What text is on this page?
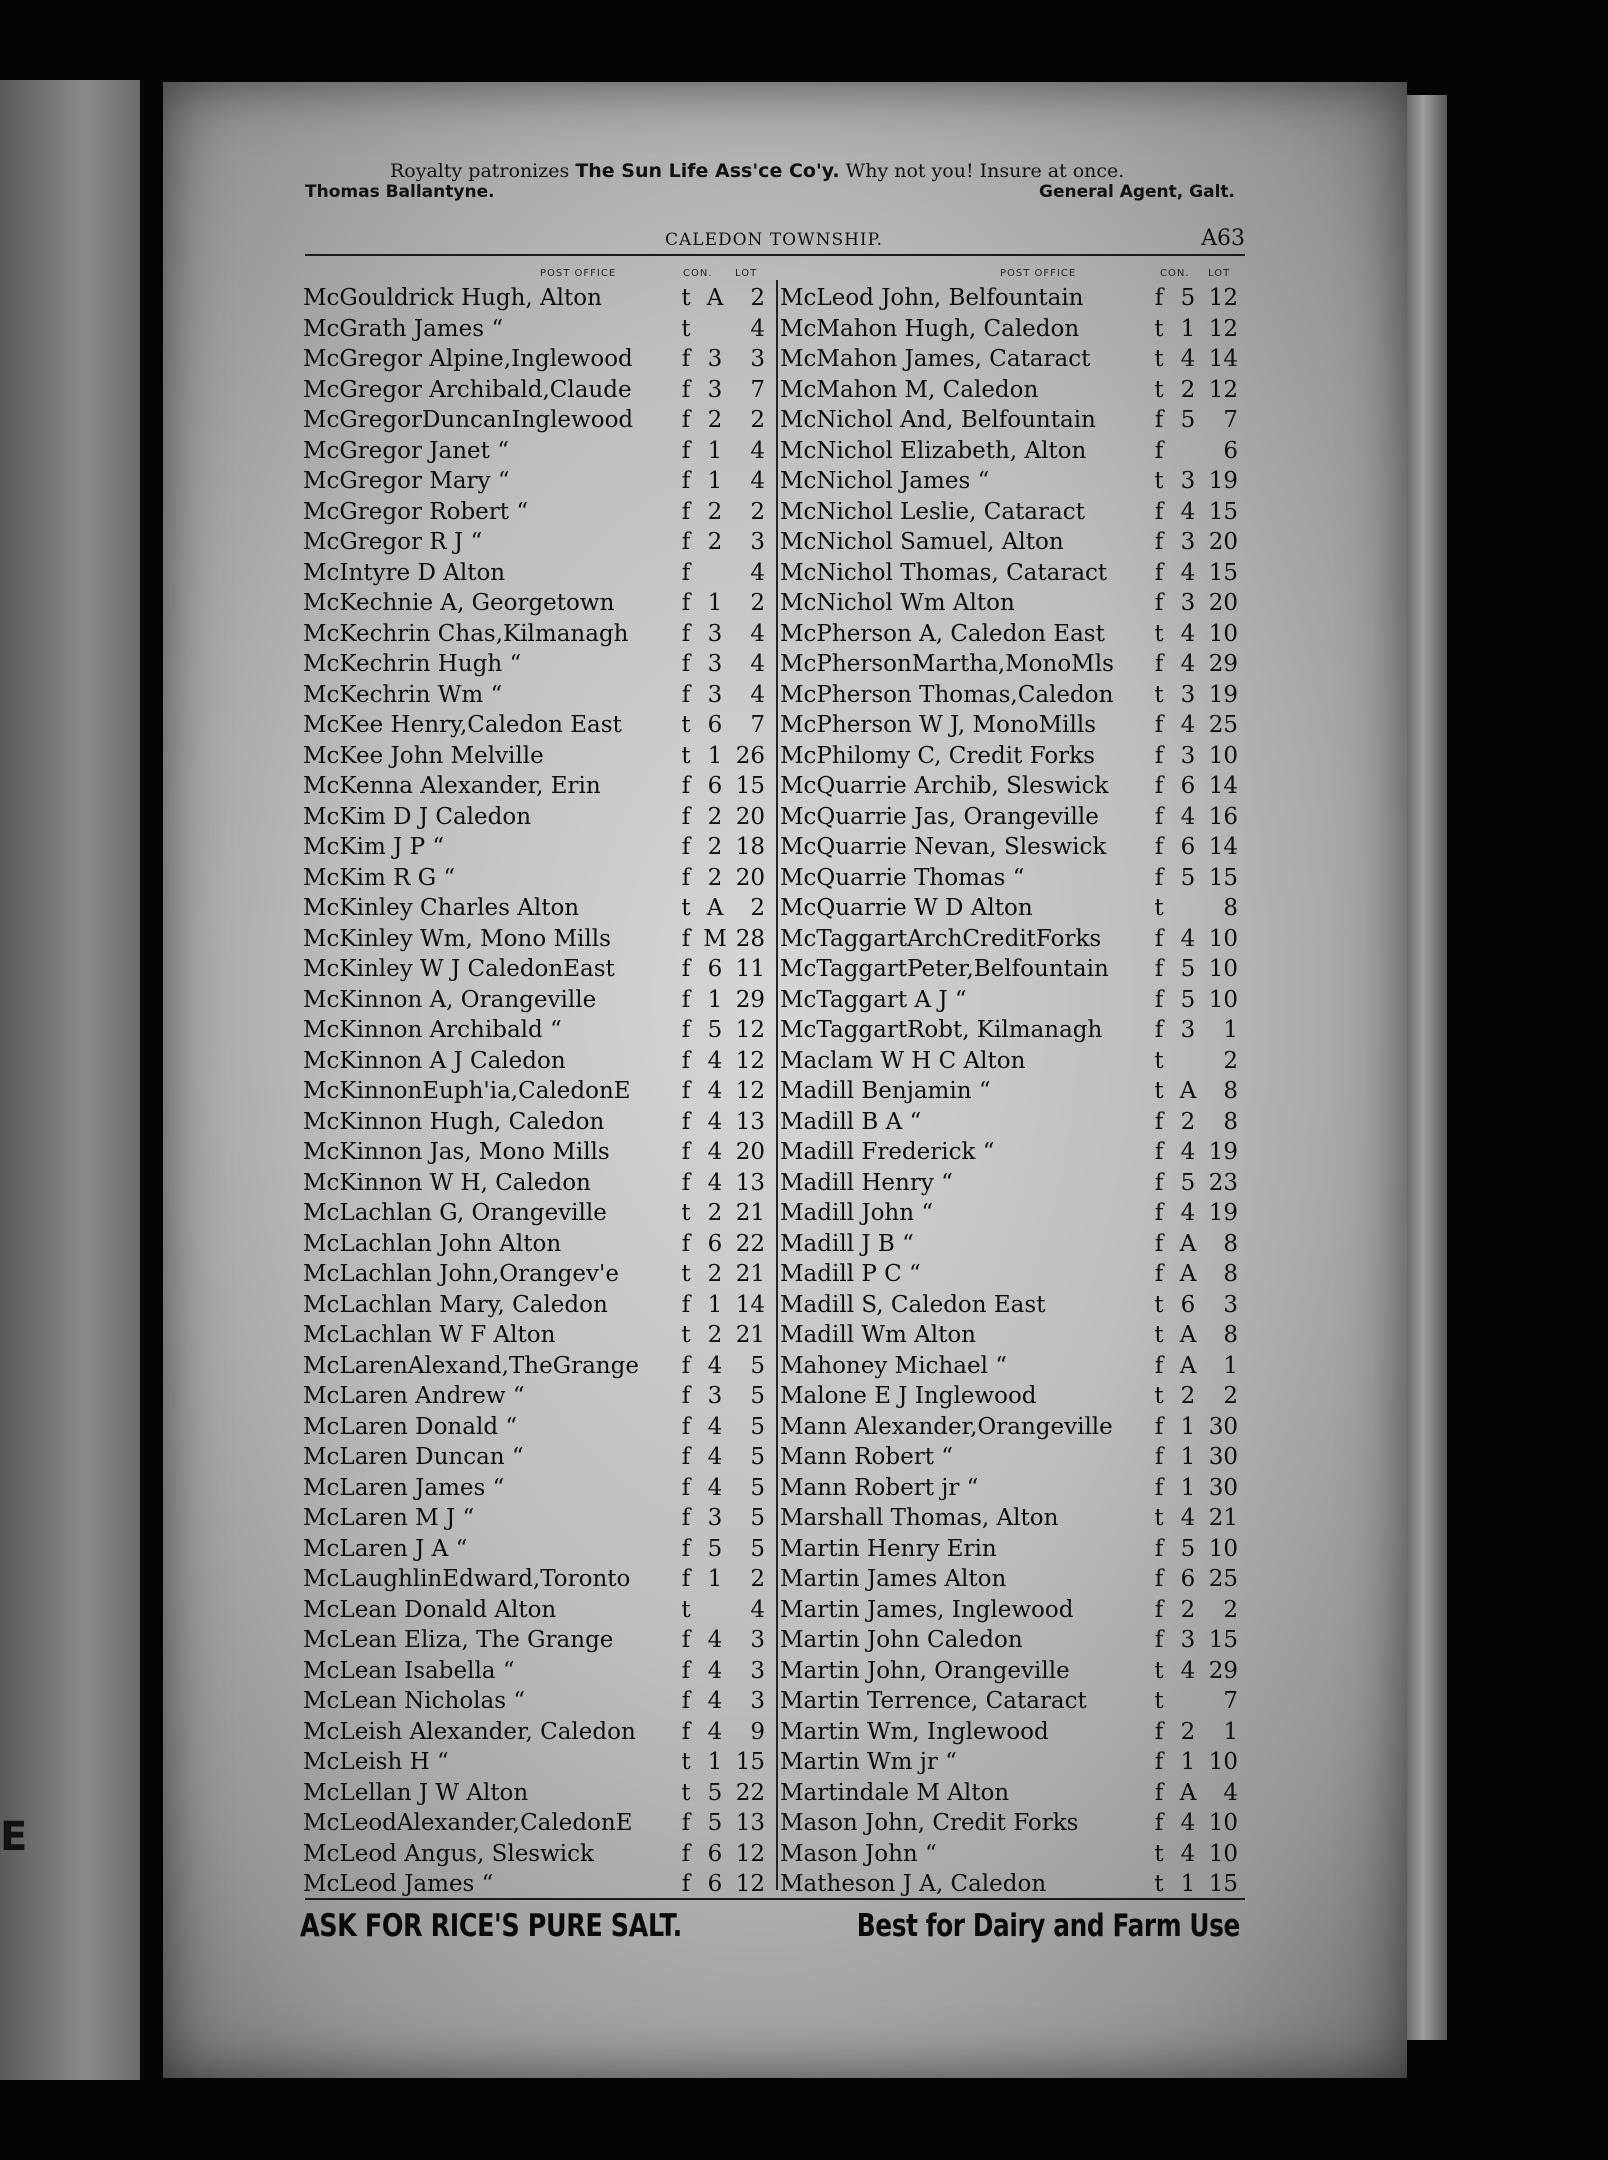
E
Royalty patronizes The Sun Life Ass'ce Co'y. Why not you! Insure at once.
Thomas Ballantyne.	General Agent, Galt.
CALEDON TOWNSHIP.	A63
POST OFFICE	CON. LOT	POST OFFICE	CON. LOT
McGouldrick Hugh, Alton	t A	2
McGrath James “	t	4
McGregor Alpine,Inglewood f 3	3
McGregor Archibald,Claude f 3	7
McGregorDuncanInglewood f 2	2
McGregor Janet “	f 1	4
McGregor Mary “	f 1	4
McGregor Robert “	f 2	2
McGregor R J “	f 2	3
McIntyre D Alton	f	4
McKechnie A, Georgetown	f 1	2
McKechrin Chas,Kilmanagh f 3	4
McKechrin Hugh “	f 3	4
McKechrin Wm “	f 3	4
McKee Henry,Caledon East	t 6	7
McKee John Melville	t 1 26
McKenna Alexander, Erin	f 6 15
McKim D J Caledon	f 2 20
McKim J P “	f 2 18
McKim R G “	f 2 20
McKinley Charles Alton	t A	2
McKinley Wm, Mono Mills	f M 28
McKinley W J CaledonEast	f 6 11
McKinnon A, Orangeville	f 1 29
McKinnon Archibald “	f 5 12
McKinnon A J Caledon	f 4 12
McKinnonEuph'ia,CaledonE f 4 12
McKinnon Hugh, Caledon	f 4 13
McKinnon Jas, Mono Mills	f 4 20
McKinnon W H, Caledon	f 4 13
McLachlan G, Orangeville	t 2 21
McLachlan John Alton	f 6 22
McLachlan John,Orangev'e	t 2 21
McLachlan Mary, Caledon	f 1 14
McLachlan W F Alton	t 2 21
McLarenAlexand,TheGrange f 4	5
McLaren Andrew “	f 3	5
McLaren Donald “	f 4	5
McLaren Duncan “	f 4	5
McLaren James “	f 4	5
McLaren M J “	f 3	5
McLaren J A “	f 5	5
McLaughlinEdward,Toronto f 1	2
McLean Donald Alton	t	4
McLean Eliza, The Grange	f 4	3
McLean Isabella “	f 4	3
McLean Nicholas “	f 4	3
McLeish Alexander, Caledon f 4	9
McLeish H “	t 1 15
McLellan J W Alton	t 5 22
McLeodAlexander,CaledonE f 5 13
McLeod Angus, Sleswick	f 6 12
McLeod James “	f 6 12
McLeod John, Belfountain	f 5 12
McMahon Hugh, Caledon	t 1 12
McMahon James, Cataract	t 4 14
McMahon M, Caledon	t 2 12
McNichol And, Belfountain	f 5	7
McNichol Elizabeth, Alton	f	6
McNichol James “	t 3 19
McNichol Leslie, Cataract	f 4 15
McNichol Samuel, Alton	f 3 20
McNichol Thomas, Cataract f 4 15
McNichol Wm Alton	f 3 20
McPherson A, Caledon East t 4 10
McPhersonMartha,MonoMls f 4 29
McPherson Thomas,Caledon t 3 19
McPherson W J, MonoMills	f 4 25
McPhilomy C, Credit Forks	f 3 10
McQuarrie Archib, Sleswick f 6 14
McQuarrie Jas, Orangeville f 4 16
McQuarrie Nevan, Sleswick f 6 14
McQuarrie Thomas “	f 5 15
McQuarrie W D Alton	t	8
McTaggartArchCreditForks f 4 10
McTaggartPeter,Belfountain f 5 10
McTaggart A J “	f 5 10
McTaggartRobt, Kilmanagh f 3	1
Maclam W H C Alton	t	2
Madill Benjamin “	t A	8
Madill B A “	f 2	8
Madill Frederick “	f 4 19
Madill Henry “	f 5 23
Madill John “	f 4 19
Madill J B “	f A	8
Madill P C “	f A	8
Madill S, Caledon East	t 6	3
Madill Wm Alton	t A	8
Mahoney Michael “	f A	1
Malone E J Inglewood	t 2	2
Mann Alexander,Orangeville f 1 30
Mann Robert “	f 1 30
Mann Robert jr “	f 1 30
Marshall Thomas, Alton	t 4 21
Martin Henry Erin	f 5 10
Martin James Alton	f 6 25
Martin James, Inglewood	f 2	2
Martin John Caledon	f 3 15
Martin John, Orangeville	t 4 29
Martin Terrence, Cataract	t	7
Martin Wm, Inglewood	f 2	1
Martin Wm jr “	f 1 10
Martindale M Alton	f A	4
Mason John, Credit Forks	f 4 10
Mason John “	t 4 10
Matheson J A, Caledon	t 1 15
ASK FOR RICE'S PURE SALT.	Best for Dairy and Farm Use
